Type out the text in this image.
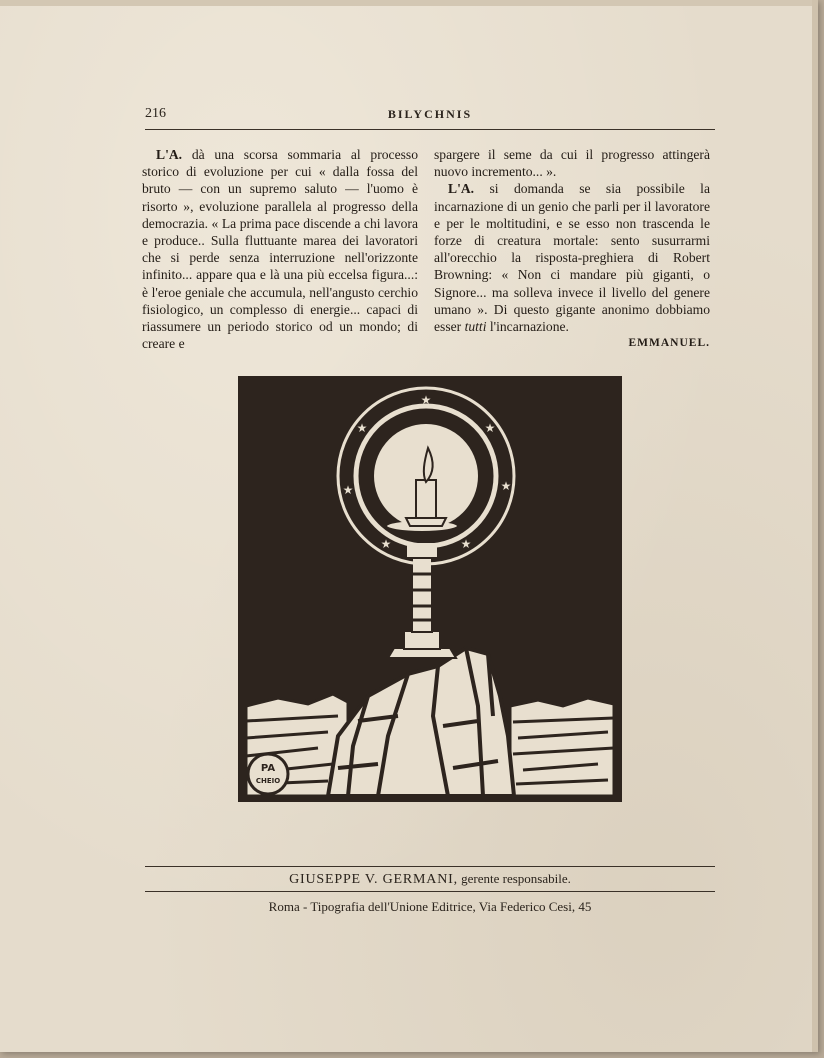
216	BILYCHNIS

L'A. dà una scorsa sommaria al processo storico di evoluzione per cui « dalla fossa del bruto — con un supremo saluto — l'uomo è risorto », evoluzione parallela al progresso della democrazia. « La prima pace discende a chi lavora e produce.. Sulla fluttuante marea dei lavoratori che si perde senza interruzione nell'orizzonte infinito... appare qua e là una più eccelsa figura...: è l'eroe geniale che accumula, nell'angusto cerchio fisiologico, un complesso di energie... capaci di riassumere un periodo storico od un mondo; di creare e

spargere il seme da cui il progresso attingerà nuovo incremento... ».

L'A. si domanda se sia possibile la incarnazione di un genio che parli per il lavoratore e per le moltitudini, e se esso non trascenda le forze di creatura mortale: sento susurrarmi all'orecchio la risposta-preghiera di Robert Browning: « Non ci mandare più giganti, o Signore... ma solleva invece il livello del genere umano ». Di questo gigante anonimo dobbiamo esser tutti l'incarnazione.

EMMANUEL.

★
★
★
★
★
★
★
PA
CHEIO
GIUSEPPE V. GERMANI, gerente responsabile.
Roma - Tipografia dell'Unione Editrice, Via Federico Cesi, 45
